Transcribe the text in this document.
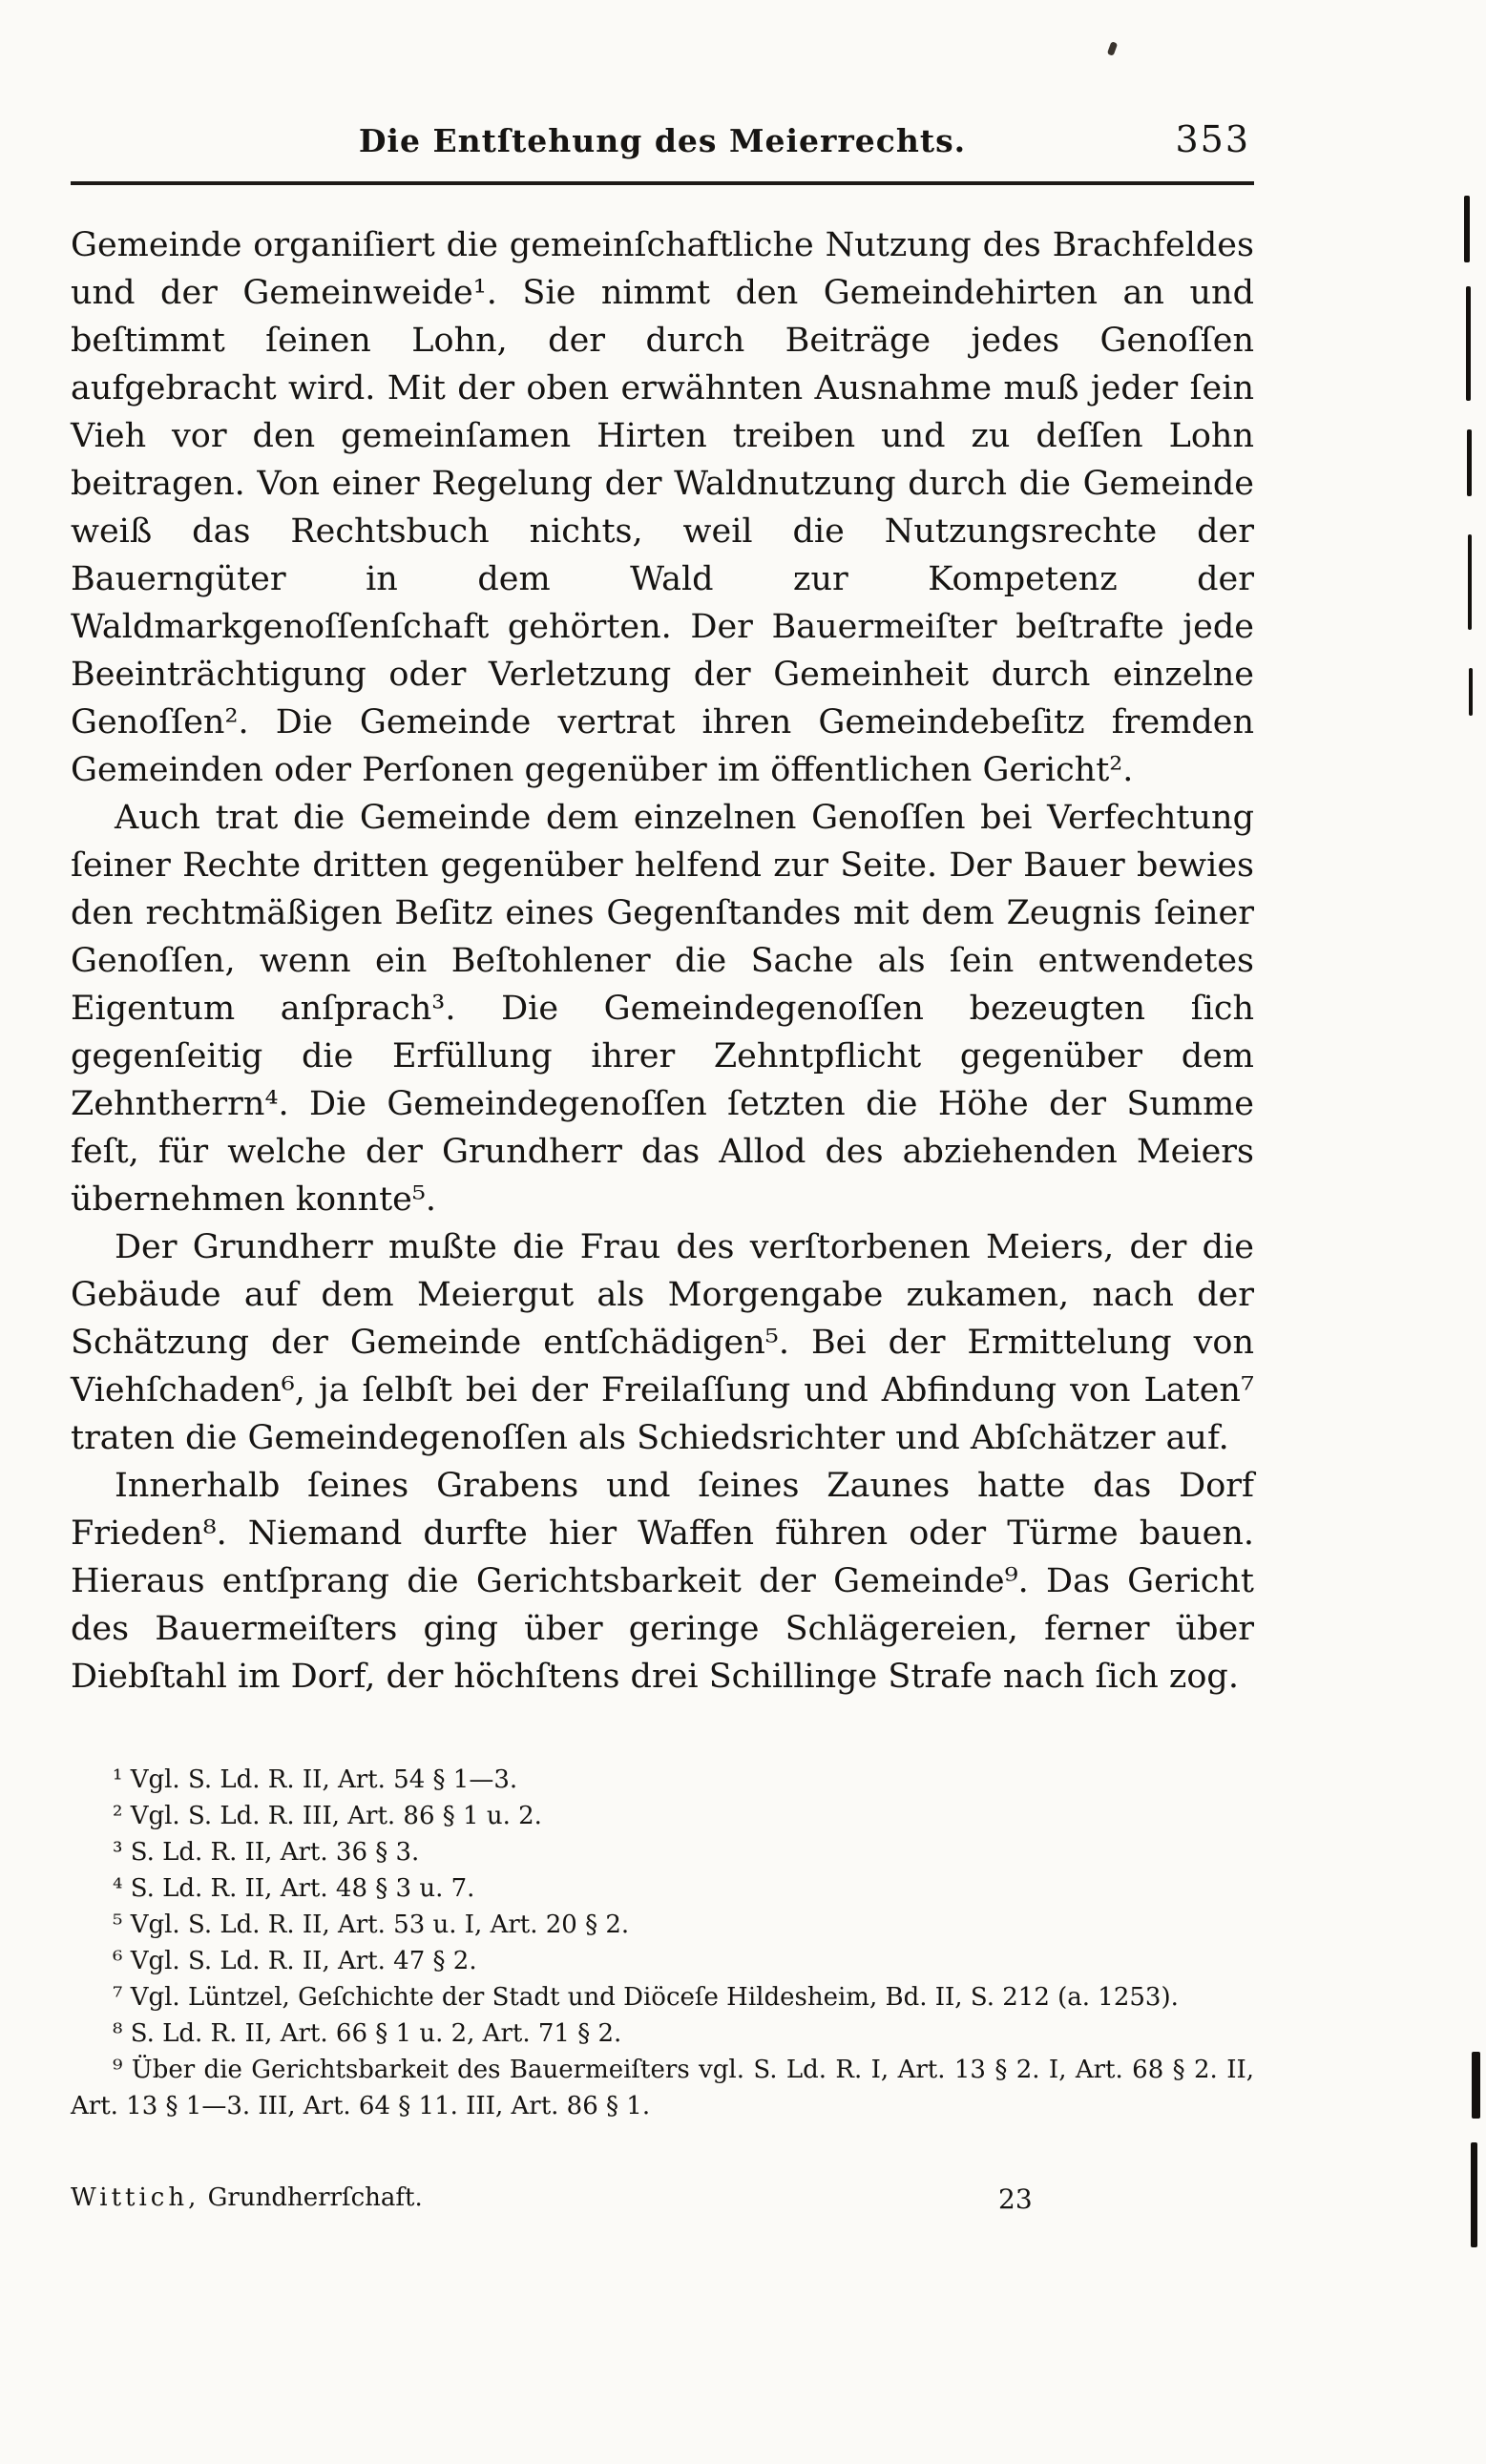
Die Entſtehung des Meierrechts.	353

Gemeinde organiſiert die gemeinſchaftliche Nutzung des Brachfeldes und der Gemeinweide¹. Sie nimmt den Gemeindehirten an und beſtimmt ſeinen Lohn, der durch Beiträge jedes Genoſſen aufgebracht wird. Mit der oben erwähnten Ausnahme muß jeder ſein Vieh vor den gemeinſamen Hirten treiben und zu deſſen Lohn beitragen. Von einer Regelung der Waldnutzung durch die Gemeinde weiß das Rechtsbuch nichts, weil die Nutzungsrechte der Bauerngüter in dem Wald zur Kompetenz der Waldmarkgenoſſenſchaft gehörten. Der Bauermeiſter beſtrafte jede Beeinträchtigung oder Verletzung der Gemeinheit durch einzelne Genoſſen². Die Gemeinde vertrat ihren Gemeindebeſitz fremden Gemeinden oder Perſonen gegenüber im öffentlichen Gericht².

Auch trat die Gemeinde dem einzelnen Genoſſen bei Verfechtung ſeiner Rechte dritten gegenüber helfend zur Seite. Der Bauer bewies den rechtmäßigen Beſitz eines Gegenſtandes mit dem Zeugnis ſeiner Genoſſen, wenn ein Beſtohlener die Sache als ſein entwendetes Eigentum anſprach³. Die Gemeindegenoſſen bezeugten ſich gegenſeitig die Erfüllung ihrer Zehntpflicht gegenüber dem Zehntherrn⁴. Die Gemeindegenoſſen ſetzten die Höhe der Summe feſt, für welche der Grundherr das Allod des abziehenden Meiers übernehmen konnte⁵.

Der Grundherr mußte die Frau des verſtorbenen Meiers, der die Gebäude auf dem Meiergut als Morgengabe zukamen, nach der Schätzung der Gemeinde entſchädigen⁵. Bei der Ermittelung von Viehſchaden⁶, ja ſelbſt bei der Freilaſſung und Abfindung von Laten⁷ traten die Gemeindegenoſſen als Schiedsrichter und Abſchätzer auf.

Innerhalb ſeines Grabens und ſeines Zaunes hatte das Dorf Frieden⁸. Niemand durfte hier Waffen führen oder Türme bauen. Hieraus entſprang die Gerichtsbarkeit der Gemeinde⁹. Das Gericht des Bauermeiſters ging über geringe Schlägereien, ferner über Diebſtahl im Dorf, der höchſtens drei Schillinge Strafe nach ſich zog.

¹ Vgl. S. Ld. R. II, Art. 54 § 1—3.

² Vgl. S. Ld. R. III, Art. 86 § 1 u. 2.

³ S. Ld. R. II, Art. 36 § 3.

⁴ S. Ld. R. II, Art. 48 § 3 u. 7.

⁵ Vgl. S. Ld. R. II, Art. 53 u. I, Art. 20 § 2.

⁶ Vgl. S. Ld. R. II, Art. 47 § 2.

⁷ Vgl. Lüntzel, Geſchichte der Stadt und Diöceſe Hildesheim, Bd. II, S. 212 (a. 1253).

⁸ S. Ld. R. II, Art. 66 § 1 u. 2, Art. 71 § 2.

⁹ Über die Gerichtsbarkeit des Bauermeiſters vgl. S. Ld. R. I, Art. 13 § 2. I, Art. 68 § 2. II, Art. 13 § 1—3. III, Art. 64 § 11. III, Art. 86 § 1.

Wittich, Grundherrſchaft.	23
